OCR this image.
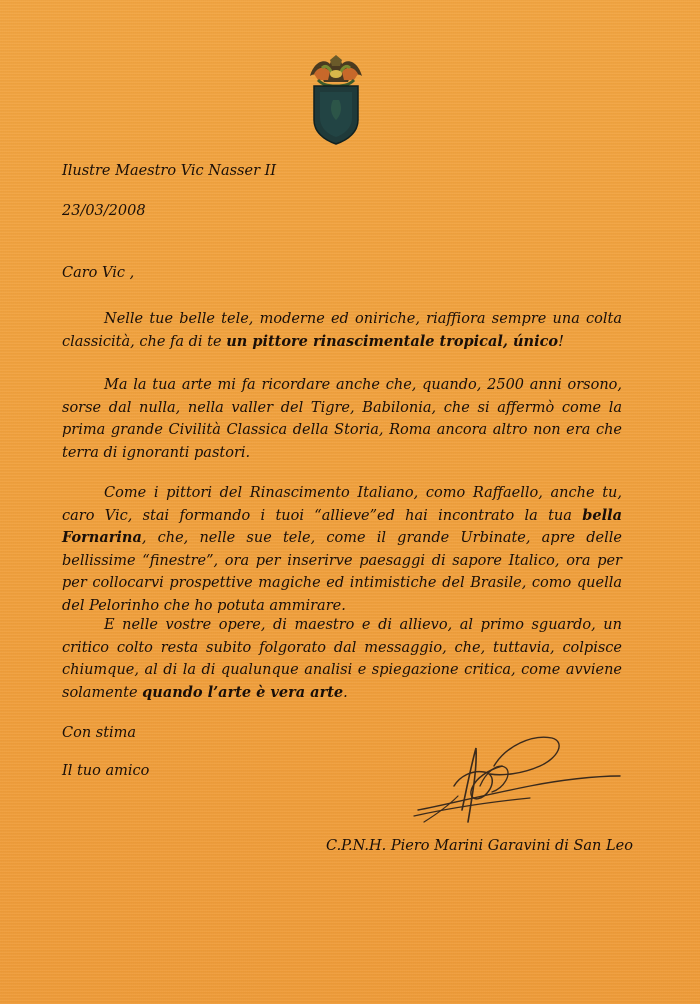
Ilustre Maestro Vic Nasser II
23/03/2008
Caro Vic ,
Nelle tue belle tele, moderne ed oniriche, riaffiora sempre una colta classicità, che fa di te un pittore rinascimentale tropical, único!
Ma la tua arte mi fa ricordare anche che, quando, 2500 anni orsono, sorse dal nulla, nella valler del Tigre, Babilonia, che si affermò come la prima grande Civilità Classica della Storia, Roma ancora altro non era che terra di ignoranti pastori.
Come i pittori del Rinascimento Italiano, como Raffaello, anche tu, caro Vic, stai formando i tuoi “allieve”ed hai incontrato la tua bella Fornarina, che, nelle sue tele, come il grande Urbinate, apre delle bellissime “finestre”, ora per inserirve paesaggi di sapore Italico, ora per per collocarvi prospettive magiche ed intimistiche del Brasile, como quella del Pelorinho che ho potuta ammirare.
E nelle vostre opere, di maestro e di allievo, al primo sguardo, un critico colto resta subito folgorato dal messaggio, che, tuttavia, colpisce chiumque, al di la di qualunque analisi e spiegazione critica, come avviene solamente quando l’arte è vera arte.
Con stima
Il tuo amico
C.P.N.H. Piero Marini Garavini di San Leo
